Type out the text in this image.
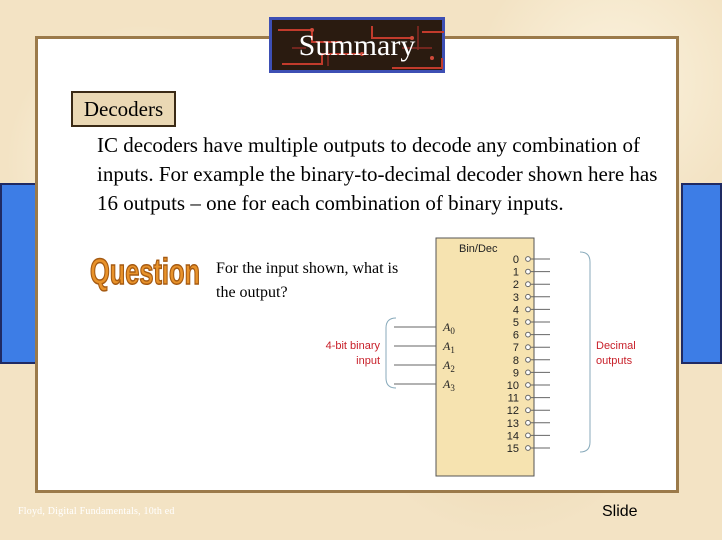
Summary
Decoders
IC decoders have multiple outputs to decode any combination of inputs. For example the binary-to-decimal decoder shown here has 16 outputs – one for each combination of binary inputs.
Question For the input shown, what is the output?
Bin/Dec
4-bit binary
input
$A_0$
$A_1$
$A_2$
$A_3$
0
1
2
3
4
5
6
7
8
9
10
11
12
13
14
15
Decimal
outputs
Floyd, Digital Fundamentals, 10th ed	Slide
